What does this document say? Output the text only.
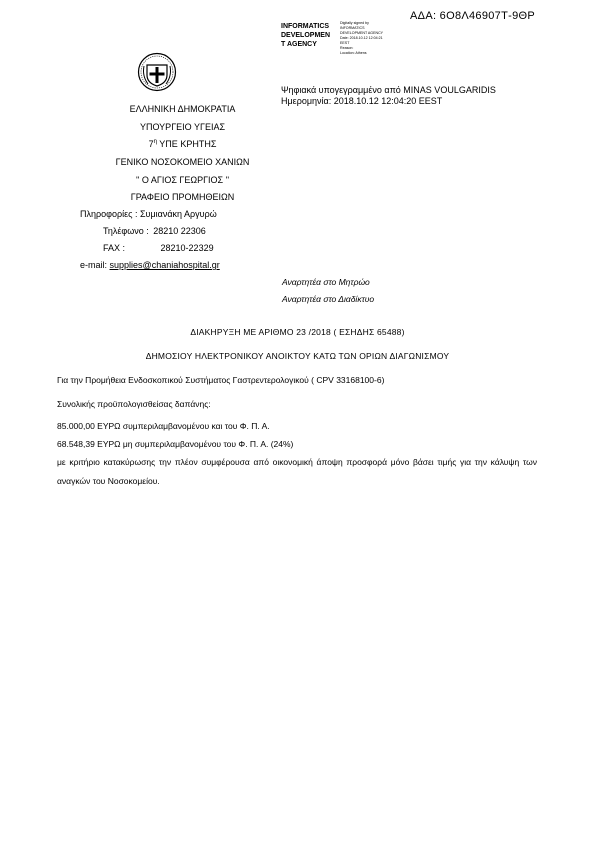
ΑΔΑ: 6Ο8Λ46907Τ-9ΘΡ
INFORMATICS
DEVELOPMEN
T AGENCY
Digitally signed by
INFORMATICS
DEVELOPMENT AGENCY
Date: 2018.10.12 12:04:21
EEST
Reason:
Location: Athens
Ψηφιακά υπογεγραμμένο από MINAS VOULGARIDIS
Ημερομηνία: 2018.10.12 12:04:20 EEST
ΕΛΛΗΝΙΚΗ ΔΗΜΟΚΡΑΤΙΑ
ΥΠΟΥΡΓΕΙΟ ΥΓΕΙΑΣ
$7^\eta$ ΥΠΕ ΚΡΗΤΗΣ
ΓΕΝΙΚΟ ΝΟΣΟΚΟΜΕΙΟ ΧΑΝΙΩΝ
'' Ο ΑΓΙΟΣ ΓΕΩΡΓΙΟΣ ''
ΓΡΑΦΕΙΟ ΠΡΟΜΗΘΕΙΩΝ
Πληροφορίες : Συμιανάκη Αργυρώ
Τηλέφωνο : 28210 22306
FAX :	28210-22329
e-mail: supplies@chaniahospital.gr
Αναρτητέα στο Μητρώο
Αναρτητέα στο Διαδίκτυο
ΔΙΑΚΗΡΥΞΗ ΜΕ ΑΡΙΘΜΟ 23 /2018 ( ΕΣΗΔΗΣ 65488)
ΔΗΜΟΣΙΟΥ ΗΛΕΚΤΡΟΝΙΚΟΥ ΑΝΟΙΚΤΟΥ ΚΑΤΩ ΤΩΝ ΟΡΙΩΝ ΔΙΑΓΩΝΙΣΜΟΥ
Για την Προμήθεια Ενδοσκοπικού Συστήματος Γαστρεντερολογικού ( CPV 33168100-6)
Συνολικής προϋπολογισθείσας δαπάνης:
85.000,00 ΕΥΡΩ συμπεριλαμβανομένου και του Φ. Π. Α.
68.548,39 ΕΥΡΩ μη συμπεριλαμβανομένου του Φ. Π. Α. (24%)
με κριτήριο κατακύρωσης την πλέον συμφέρουσα από οικονομική άποψη προσφορά μόνο βάσει τιμής για την κάλυψη των αναγκών του Νοσοκομείου.
